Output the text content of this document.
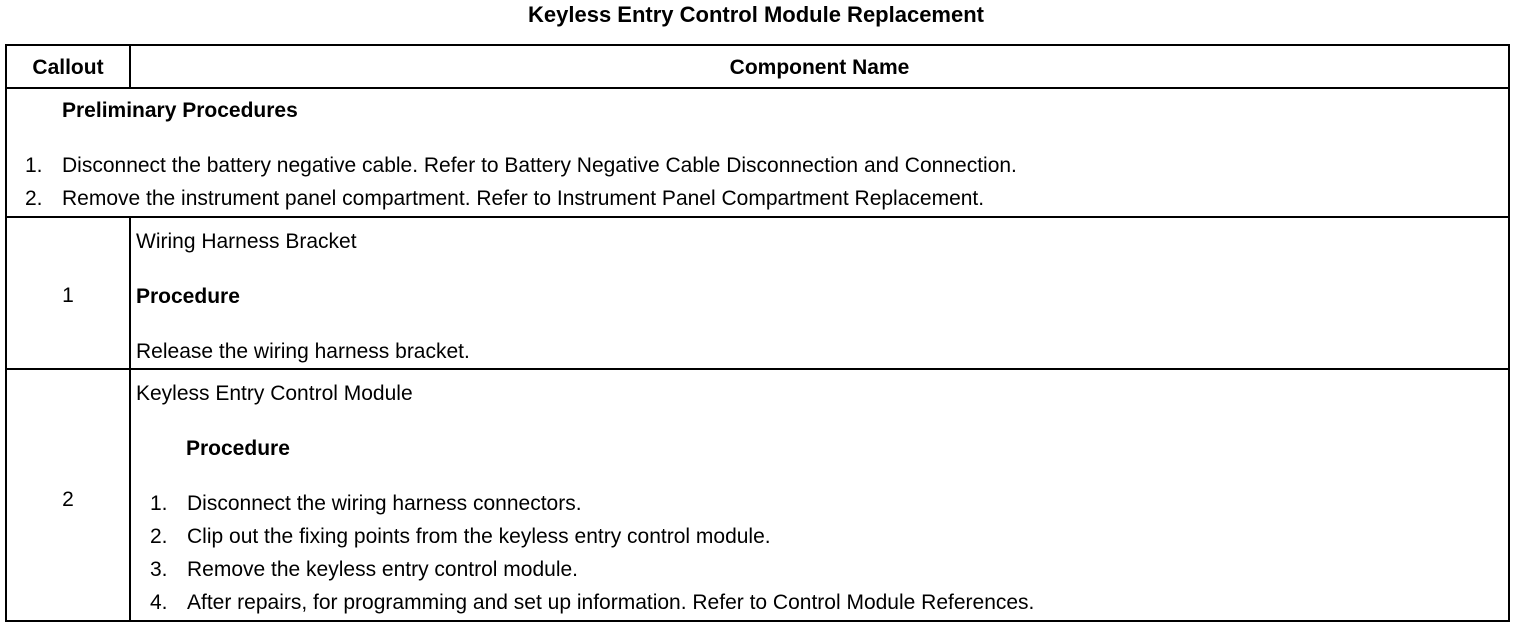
Keyless Entry Control Module Replacement
Callout	Component Name
Preliminary Procedures
1. Disconnect the battery negative cable. Refer to Battery Negative Cable Disconnection and Connection.
2. Remove the instrument panel compartment. Refer to Instrument Panel Compartment Replacement.
1
Wiring Harness Bracket
Procedure
Release the wiring harness bracket.
2
Keyless Entry Control Module
Procedure
1. Disconnect the wiring harness connectors.
2. Clip out the fixing points from the keyless entry control module.
3. Remove the keyless entry control module.
4. After repairs, for programming and set up information. Refer to Control Module References.
